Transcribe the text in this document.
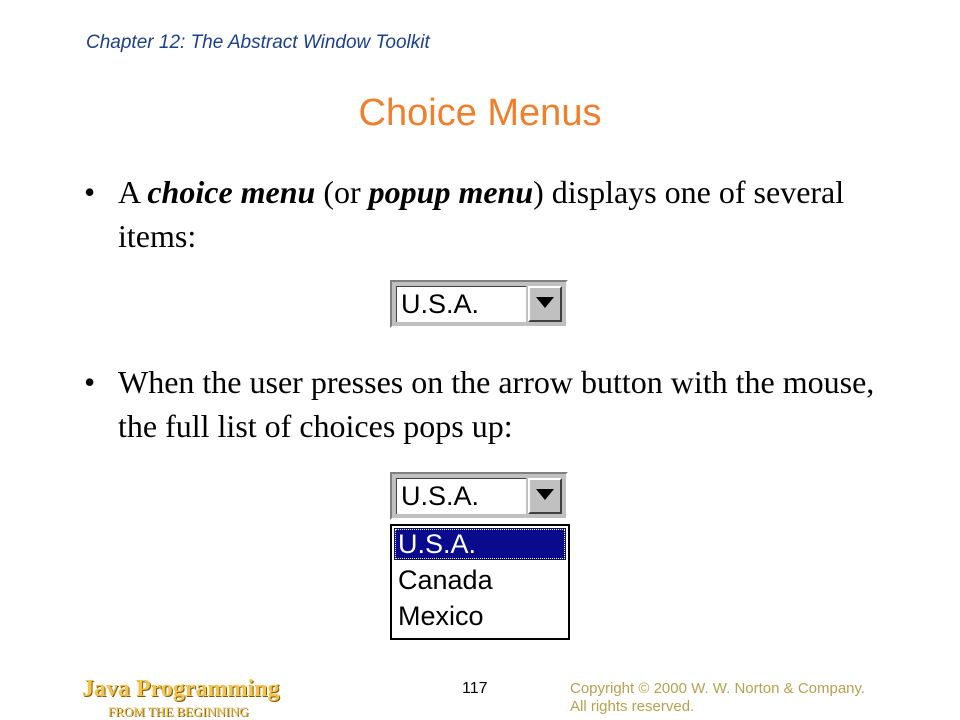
Chapter 12: The Abstract Window Toolkit
Choice Menus
• A choice menu (or popup menu) displays one of several items:
U.S.A.
• When the user presses on the arrow button with the mouse, the full list of choices pops up:
U.S.A.
U.S.A.
Canada
Mexico
Java Programming
FROM THE BEGINNING
117	Copyright © 2000 W. W. Norton & Company.
All rights reserved.
